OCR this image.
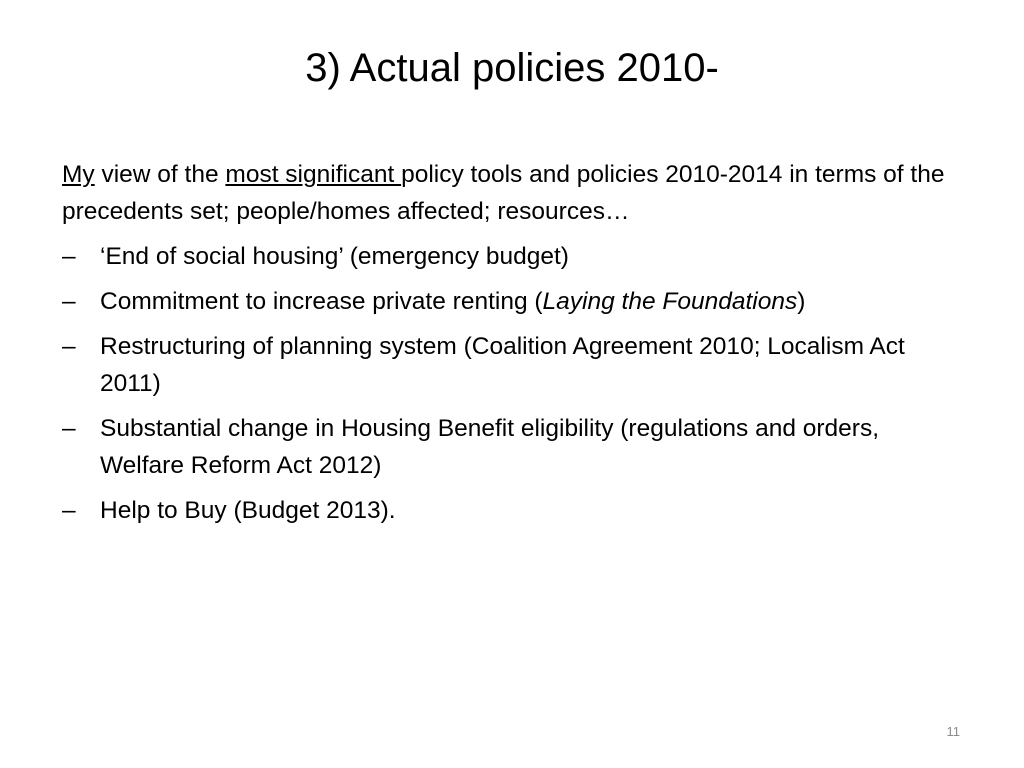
3) Actual policies 2010-

My view of the most significant policy tools and policies 2010-2014 in terms of the precedents set; people/homes affected; resources…

– ‘End of social housing’ (emergency budget)
– Commitment to increase private renting (Laying the Foundations)
– Restructuring of planning system (Coalition Agreement 2010; Localism Act 2011)
– Substantial change in Housing Benefit eligibility (regulations and orders, Welfare Reform Act 2012)
– Help to Buy (Budget 2013).
11
